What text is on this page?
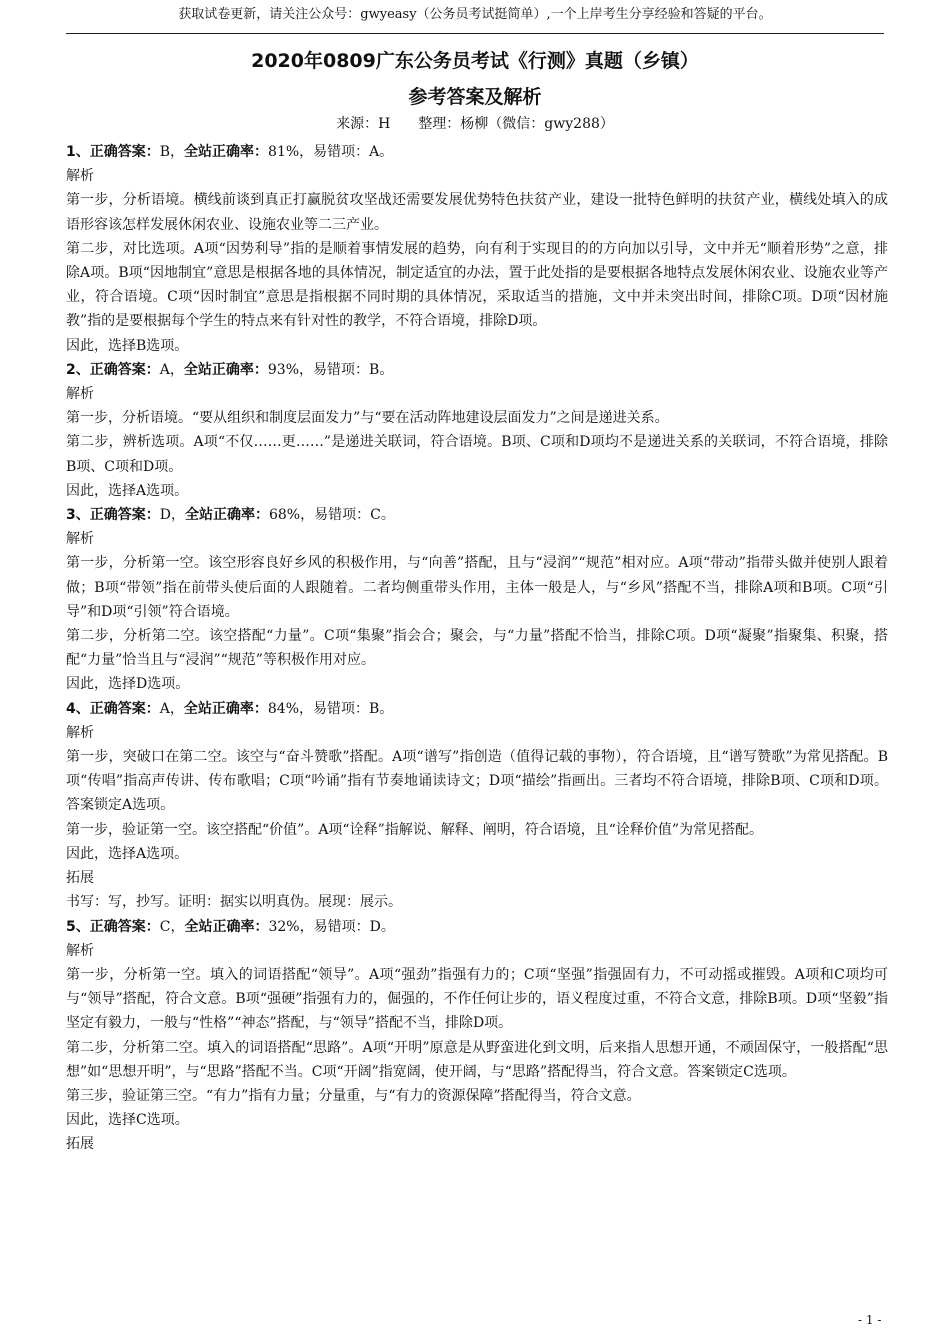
获取试卷更新，请关注公众号：gwyeasy（公务员考试挺简单）,一个上岸考生分享经验和答疑的平台。
2020年0809广东公务员考试《行测》真题（乡镇）
参考答案及解析
来源：H 整理：杨柳（微信：gwy288）

1、正确答案：B，全站正确率：81%，易错项：A。

解析

第一步，分析语境。横线前谈到真正打赢脱贫攻坚战还需要发展优势特色扶贫产业，建设一批特色鲜明的扶贫产业，横线处填入的成语形容该怎样发展休闲农业、设施农业等二三产业。

第二步，对比选项。A项“因势利导”指的是顺着事情发展的趋势，向有利于实现目的的方向加以引导，文中并无“顺着形势”之意，排除A项。B项“因地制宜”意思是根据各地的具体情况，制定适宜的办法，置于此处指的是要根据各地特点发展休闲农业、设施农业等产业，符合语境。C项“因时制宜”意思是指根据不同时期的具体情况，采取适当的措施，文中并未突出时间，排除C项。D项“因材施教”指的是要根据每个学生的特点来有针对性的教学，不符合语境，排除D项。

因此，选择B选项。

2、正确答案：A，全站正确率：93%，易错项：B。

解析

第一步，分析语境。“要从组织和制度层面发力”与“要在活动阵地建设层面发力”之间是递进关系。

第二步，辨析选项。A项“不仅……更……”是递进关联词，符合语境。B项、C项和D项均不是递进关系的关联词，不符合语境，排除B项、C项和D项。

因此，选择A选项。

3、正确答案：D，全站正确率：68%，易错项：C。

解析

第一步，分析第一空。该空形容良好乡风的积极作用，与“向善”搭配，且与“浸润”“规范”相对应。A项“带动”指带头做并使别人跟着做；B项“带领”指在前带头使后面的人跟随着。二者均侧重带头作用，主体一般是人，与“乡风”搭配不当，排除A项和B项。C项“引导”和D项“引领”符合语境。

第二步，分析第二空。该空搭配“力量”。C项“集聚”指会合；聚会，与“力量”搭配不恰当，排除C项。D项“凝聚”指聚集、积聚，搭配“力量”恰当且与“浸润”“规范”等积极作用对应。

因此，选择D选项。

4、正确答案：A，全站正确率：84%，易错项：B。

解析

第一步，突破口在第二空。该空与“奋斗赞歌”搭配。A项“谱写”指创造（值得记载的事物），符合语境，且“谱写赞歌”为常见搭配。B项“传唱”指高声传讲、传布歌唱；C项“吟诵”指有节奏地诵读诗文；D项“描绘”指画出。三者均不符合语境，排除B项、C项和D项。答案锁定A选项。

第一步，验证第一空。该空搭配“价值”。A项“诠释”指解说、解释、阐明，符合语境，且“诠释价值”为常见搭配。

因此，选择A选项。

拓展

书写：写，抄写。证明：据实以明真伪。展现：展示。

5、正确答案：C，全站正确率：32%，易错项：D。

解析

第一步，分析第一空。填入的词语搭配“领导”。A项“强劲”指强有力的；C项“坚强”指强固有力，不可动摇或摧毁。A项和C项均可与“领导”搭配，符合文意。B项“强硬”指强有力的，倔强的，不作任何让步的，语义程度过重，不符合文意，排除B项。D项“坚毅”指坚定有毅力，一般与“性格”“神态”搭配，与“领导”搭配不当，排除D项。

第二步，分析第二空。填入的词语搭配“思路”。A项“开明”原意是从野蛮进化到文明，后来指人思想开通，不顽固保守，一般搭配“思想”如“思想开明”，与“思路”搭配不当。C项“开阔”指宽阔，使开阔，与“思路”搭配得当，符合文意。答案锁定C选项。

第三步，验证第三空。“有力”指有力量；分量重，与“有力的资源保障”搭配得当，符合文意。

因此，选择C选项。

拓展

- 1 -
